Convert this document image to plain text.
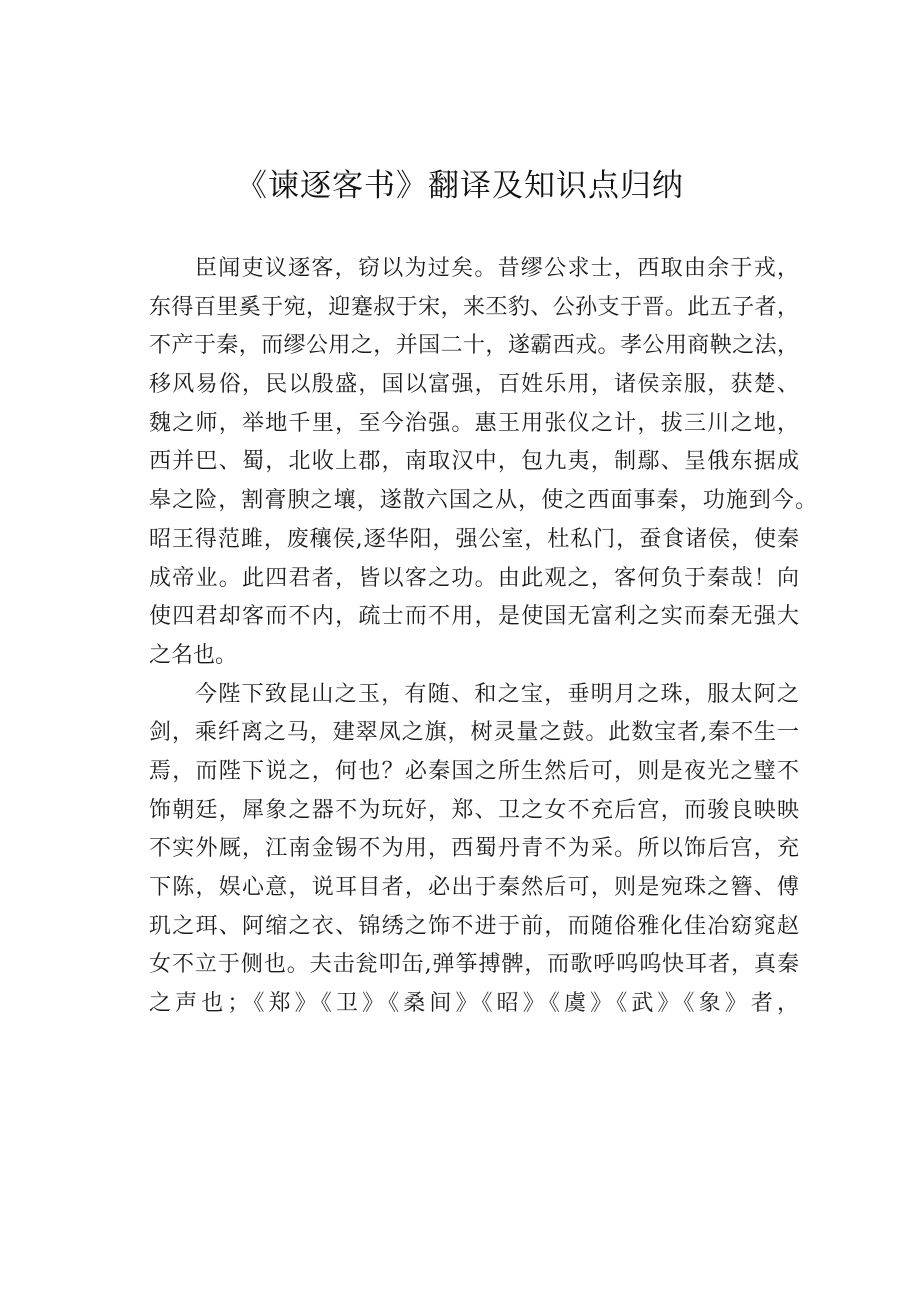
《谏逐客书》翻译及知识点归纳
臣闻吏议逐客，窃以为过矣。昔缪公求士，西取由余于戎，
东得百里奚于宛，迎蹇叔于宋，来丕豹、公孙支于晋。此五子者，
不产于秦，而缪公用之，并国二十，遂霸西戎。孝公用商鞅之法，
移风易俗，民以殷盛，国以富强，百姓乐用，诸侯亲服，获楚、
魏之师，举地千里，至今治强。惠王用张仪之计，拔三川之地，
西并巴、蜀，北收上郡，南取汉中，包九夷，制鄢、呈俄东据成
皋之险，割膏腴之壤，遂散六国之从，使之西面事秦，功施到今。
昭王得范雎，废穰侯,逐华阳，强公室，杜私门，蚕食诸侯，使秦
成帝业。此四君者，皆以客之功。由此观之，客何负于秦哉！向
使四君却客而不内，疏士而不用，是使国无富利之实而秦无强大
之名也。
今陛下致昆山之玉，有随、和之宝，垂明月之珠，服太阿之
剑，乘纤离之马，建翠凤之旗，树灵量之鼓。此数宝者,秦不生一
焉，而陛下说之，何也？必秦国之所生然后可，则是夜光之璧不
饰朝廷，犀象之器不为玩好，郑、卫之女不充后宫，而骏良映映
不实外厩，江南金锡不为用，西蜀丹青不为采。所以饰后宫，充
下陈，娱心意，说耳目者，必出于秦然后可，则是宛珠之簪、傅
玑之珥、阿缩之衣、锦绣之饰不进于前，而随俗雅化佳冶窈窕赵
女不立于侧也。夫击瓮叩缶,弹筝搏髀，而歌呼呜呜快耳者，真秦
之声也；《郑》《卫》《桑间》《昭》《虞》《武》《象》者，
